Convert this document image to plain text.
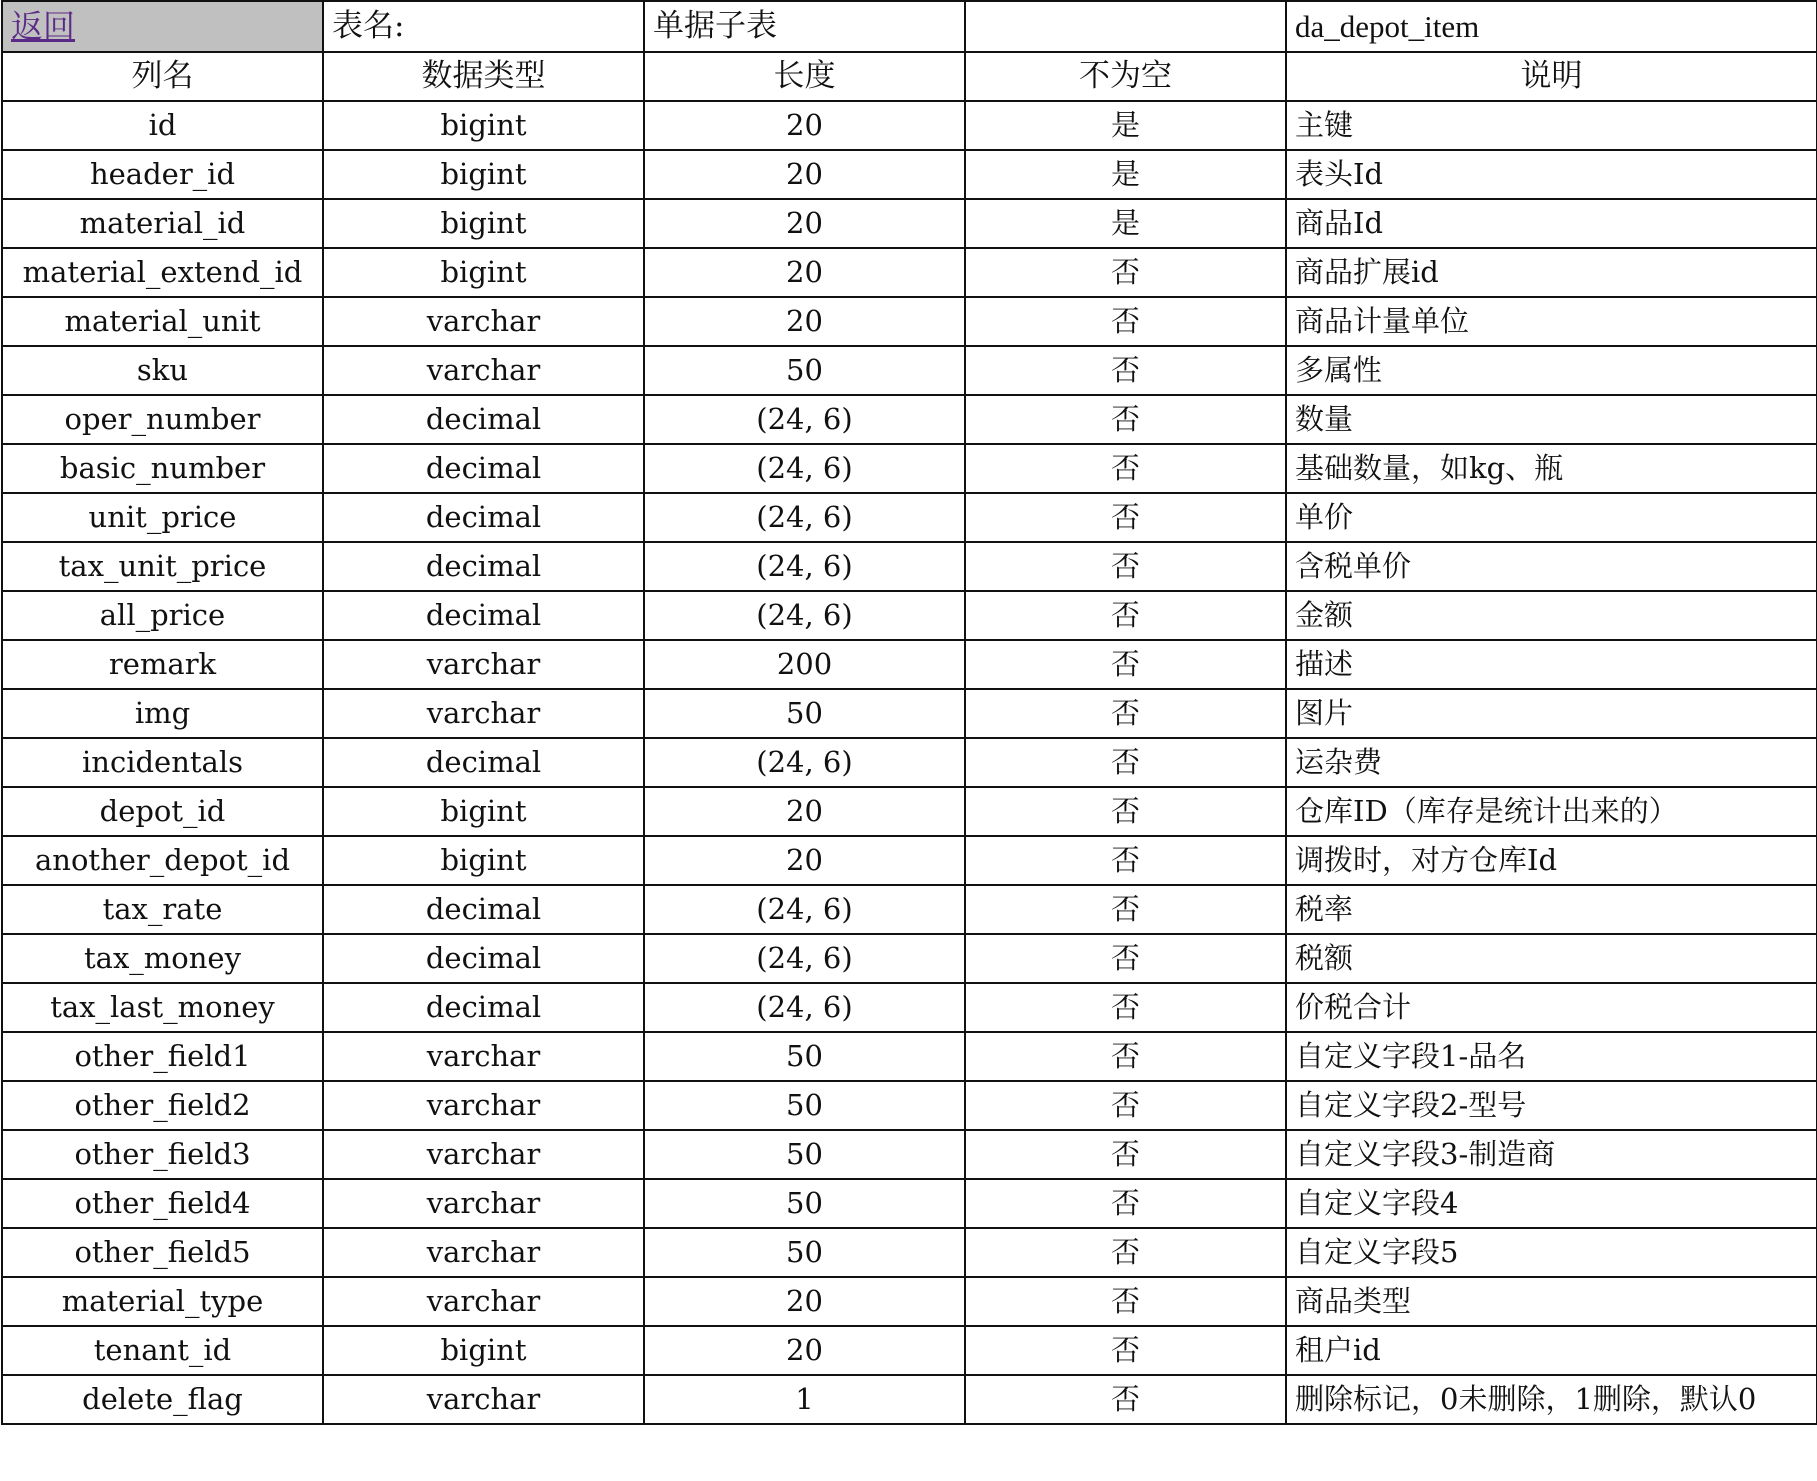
返回	表名:	单据子表		da_depot_item
列名	数据类型	长度	不为空	说明
id	bigint	20	是	主键
header_id	bigint	20	是	表头Id
material_id	bigint	20	是	商品Id
material_extend_id	bigint	20	否	商品扩展id
material_unit	varchar	20	否	商品计量单位
sku	varchar	50	否	多属性
oper_number	decimal	(24, 6)	否	数量
basic_number	decimal	(24, 6)	否	基础数量，如kg、瓶
unit_price	decimal	(24, 6)	否	单价
tax_unit_price	decimal	(24, 6)	否	含税单价
all_price	decimal	(24, 6)	否	金额
remark	varchar	200	否	描述
img	varchar	50	否	图片
incidentals	decimal	(24, 6)	否	运杂费
depot_id	bigint	20	否	仓库ID（库存是统计出来的）
another_depot_id	bigint	20	否	调拨时，对方仓库Id
tax_rate	decimal	(24, 6)	否	税率
tax_money	decimal	(24, 6)	否	税额
tax_last_money	decimal	(24, 6)	否	价税合计
other_field1	varchar	50	否	自定义字段1-品名
other_field2	varchar	50	否	自定义字段2-型号
other_field3	varchar	50	否	自定义字段3-制造商
other_field4	varchar	50	否	自定义字段4
other_field5	varchar	50	否	自定义字段5
material_type	varchar	20	否	商品类型
tenant_id	bigint	20	否	租户id
delete_flag	varchar	1	否	删除标记，0未删除，1删除，默认0
